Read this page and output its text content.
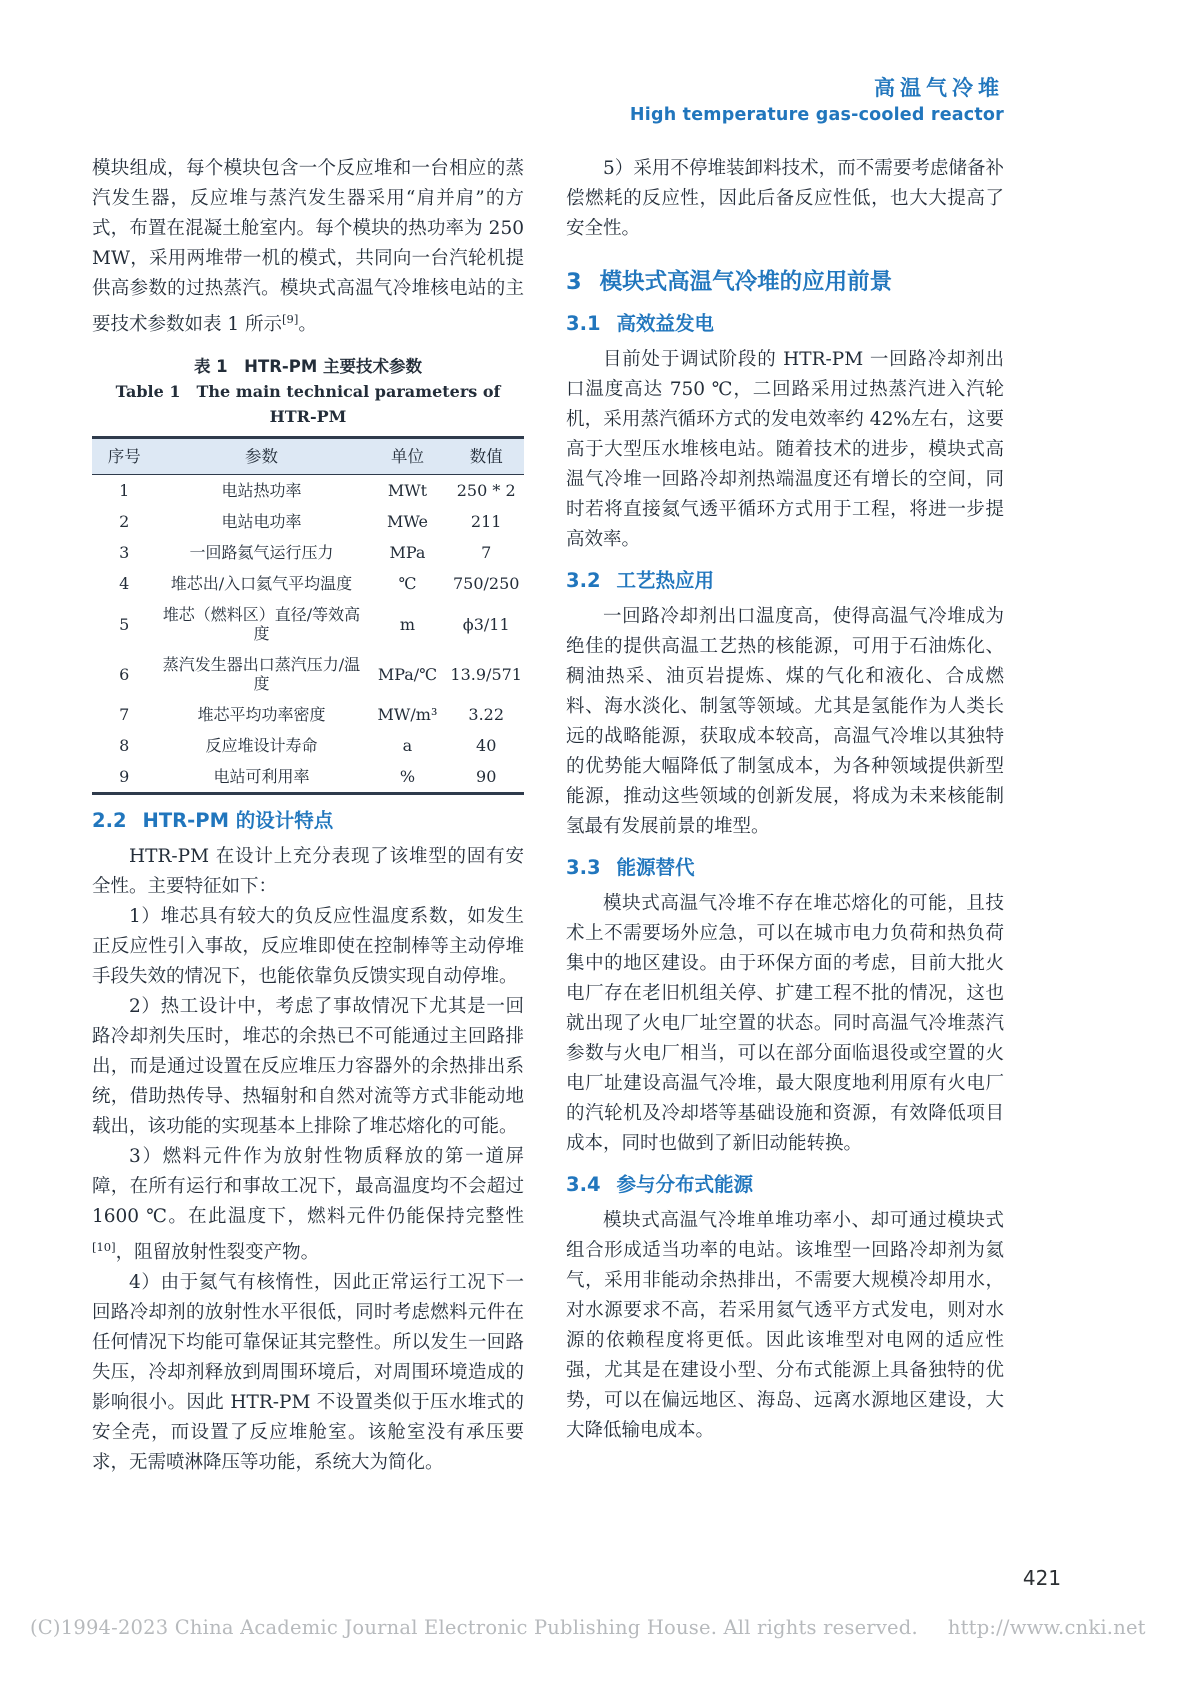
高温气冷堆
High temperature gas-cooled reactor

模块组成，每个模块包含一个反应堆和一台相应的蒸汽发生器，反应堆与蒸汽发生器采用“肩并肩”的方式，布置在混凝土舱室内。每个模块的热功率为 250 MW，采用两堆带一机的模式，共同向一台汽轮机提供高参数的过热蒸汽。模块式高温气冷堆核电站的主要技术参数如表 1 所示[9]。

表 1　HTR-PM 主要技术参数
Table 1　The main technical parameters of HTR-PM
序号	参数	单位	数值
1	电站热功率	MWt	250 * 2
2	电站电功率	MWe	211
3	一回路氦气运行压力	MPa	7
4	堆芯出/入口氦气平均温度	℃	750/250
5	堆芯（燃料区）直径/等效高度	m	ϕ3/11
6	蒸汽发生器出口蒸汽压力/温度	MPa/℃	13.9/571
7	堆芯平均功率密度	MW/m³	3.22
8	反应堆设计寿命	a	40
9	电站可利用率	%	90
2.2 HTR-PM 的设计特点

HTR-PM 在设计上充分表现了该堆型的固有安全性。主要特征如下：

1）堆芯具有较大的负反应性温度系数，如发生正反应性引入事故，反应堆即使在控制棒等主动停堆手段失效的情况下，也能依靠负反馈实现自动停堆。

2）热工设计中，考虑了事故情况下尤其是一回路冷却剂失压时，堆芯的余热已不可能通过主回路排出，而是通过设置在反应堆压力容器外的余热排出系统，借助热传导、热辐射和自然对流等方式非能动地载出，该功能的实现基本上排除了堆芯熔化的可能。

3）燃料元件作为放射性物质释放的第一道屏障，在所有运行和事故工况下，最高温度均不会超过 1600 ℃。在此温度下，燃料元件仍能保持完整性[10]，阻留放射性裂变产物。

4）由于氦气有核惰性，因此正常运行工况下一回路冷却剂的放射性水平很低，同时考虑燃料元件在任何情况下均能可靠保证其完整性。所以发生一回路失压，冷却剂释放到周围环境后，对周围环境造成的影响很小。因此 HTR-PM 不设置类似于压水堆式的安全壳，而设置了反应堆舱室。该舱室没有承压要求，无需喷淋降压等功能，系统大为简化。

5）采用不停堆装卸料技术，而不需要考虑储备补偿燃耗的反应性，因此后备反应性低，也大大提高了安全性。

3 模块式高温气冷堆的应用前景
3.1 高效益发电

目前处于调试阶段的 HTR-PM 一回路冷却剂出口温度高达 750 ℃，二回路采用过热蒸汽进入汽轮机，采用蒸汽循环方式的发电效率约 42%左右，这要高于大型压水堆核电站。随着技术的进步，模块式高温气冷堆一回路冷却剂热端温度还有增长的空间，同时若将直接氦气透平循环方式用于工程，将进一步提高效率。

3.2 工艺热应用

一回路冷却剂出口温度高，使得高温气冷堆成为绝佳的提供高温工艺热的核能源，可用于石油炼化、稠油热采、油页岩提炼、煤的气化和液化、合成燃料、海水淡化、制氢等领域。尤其是氢能作为人类长远的战略能源，获取成本较高，高温气冷堆以其独特的优势能大幅降低了制氢成本，为各种领域提供新型能源，推动这些领域的创新发展，将成为未来核能制氢最有发展前景的堆型。

3.3 能源替代

模块式高温气冷堆不存在堆芯熔化的可能，且技术上不需要场外应急，可以在城市电力负荷和热负荷集中的地区建设。由于环保方面的考虑，目前大批火电厂存在老旧机组关停、扩建工程不批的情况，这也就出现了火电厂址空置的状态。同时高温气冷堆蒸汽参数与火电厂相当，可以在部分面临退役或空置的火电厂址建设高温气冷堆，最大限度地利用原有火电厂的汽轮机及冷却塔等基础设施和资源，有效降低项目成本，同时也做到了新旧动能转换。

3.4 参与分布式能源

模块式高温气冷堆单堆功率小、却可通过模块式组合形成适当功率的电站。该堆型一回路冷却剂为氦气，采用非能动余热排出，不需要大规模冷却用水，对水源要求不高，若采用氦气透平方式发电，则对水源的依赖程度将更低。因此该堆型对电网的适应性强，尤其是在建设小型、分布式能源上具备独特的优势，可以在偏远地区、海岛、远离水源地区建设，大大降低输电成本。

421
(C)1994-2023 China Academic Journal Electronic Publishing House. All rights reserved. http://www.cnki.net
